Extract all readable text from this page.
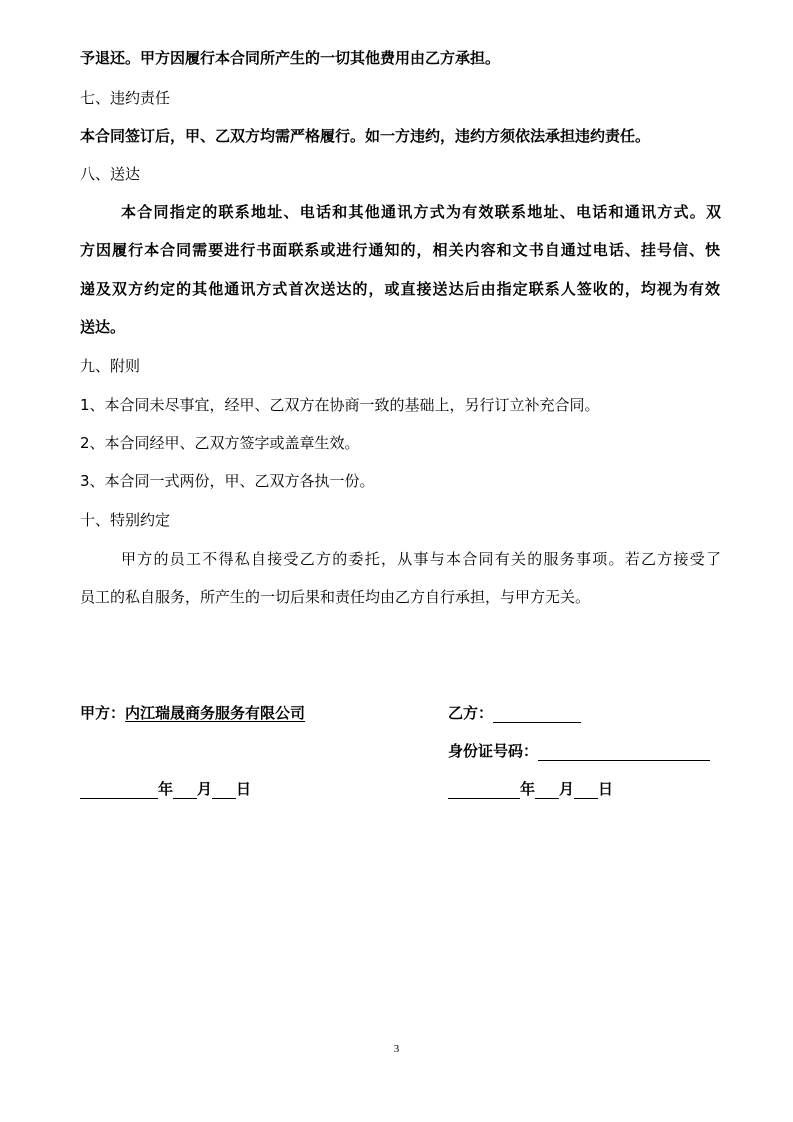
予退还。甲方因履行本合同所产生的一切其他费用由乙方承担。
七、违约责任
本合同签订后，甲、乙双方均需严格履行。如一方违约，违约方须依法承担违约责任。
八、送达
本合同指定的联系地址、电话和其他通讯方式为有效联系地址、电话和通讯方式。双
方因履行本合同需要进行书面联系或进行通知的，相关内容和文书自通过电话、挂号信、快
递及双方约定的其他通讯方式首次送达的，或直接送达后由指定联系人签收的，均视为有效
送达。
九、附则
1、本合同未尽事宜，经甲、乙双方在协商一致的基础上，另行订立补充合同。
2、本合同经甲、乙双方签字或盖章生效。
3、本合同一式两份，甲、乙双方各执一份。
十、特别约定
甲方的员工不得私自接受乙方的委托，从事与本合同有关的服务事项。若乙方接受了
员工的私自服务，所产生的一切后果和责任均由乙方自行承担，与甲方无关。
甲方：内江瑞晟商务服务有限公司	乙方：
身份证号码：
年 月 日	年 月 日
3
